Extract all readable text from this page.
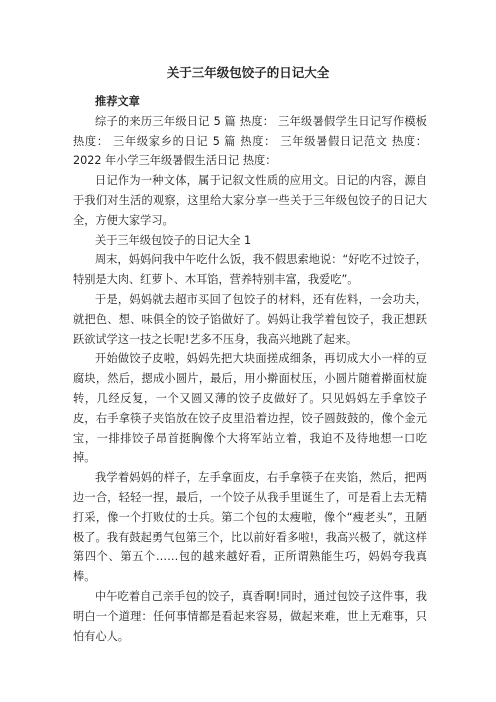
关于三年级包饺子的日记大全

推荐文章

综子的来历三年级日记 5 篇 热度： 三年级暑假学生日记写作模板 热度： 三年级家乡的日记 5 篇 热度： 三年级暑假日记范文 热度： 2022 年小学三年级暑假生活日记 热度：

日记作为一种文体，属于记叙文性质的应用文。日记的内容，源自于我们对生活的观察，这里给大家分享一些关于三年级包饺子的日记大全，方便大家学习。

关于三年级包饺子的日记大全 1

周末，妈妈问我中午吃什么饭，我不假思索地说：“好吃不过饺子，特别是大肉、红萝卜、木耳馅，营养特别丰富，我爱吃”。

于是，妈妈就去超市买回了包饺子的材料，还有佐料，一会功夫，就把色、想、味俱全的饺子馅做好了。妈妈让我学着包饺子，我正想跃跃欲试学这一技之长呢!艺多不压身，我高兴地跳了起来。

开始做饺子皮啦，妈妈先把大块面搓成细条，再切成大小一样的豆腐块，然后，摁成小圆片，最后，用小擀面杖压，小圆片随着擀面杖旋转，几经反复，一个又圆又薄的饺子皮做好了。只见妈妈左手拿饺子皮，右手拿筷子夹馅放在饺子皮里沿着边捏，饺子圆鼓鼓的，像个金元宝，一排排饺子昂首挺胸像个大将军站立着，我迫不及待地想一口吃掉。

我学着妈妈的样子，左手拿面皮，右手拿筷子在夹馅，然后，把两边一合，轻轻一捏，最后，一个饺子从我手里诞生了，可是看上去无精打采，像一个打败仗的士兵。第二个包的太瘦啦，像个“瘦老头”，丑陋极了。我有鼓起勇气包第三个，比以前好看多啦!，我高兴极了，就这样第四个、第五个……包的越来越好看，正所谓熟能生巧，妈妈夸我真棒。

中午吃着自己亲手包的饺子，真香啊!同时，通过包饺子这件事，我明白一个道理：任何事情都是看起来容易，做起来难，世上无难事，只怕有心人。
